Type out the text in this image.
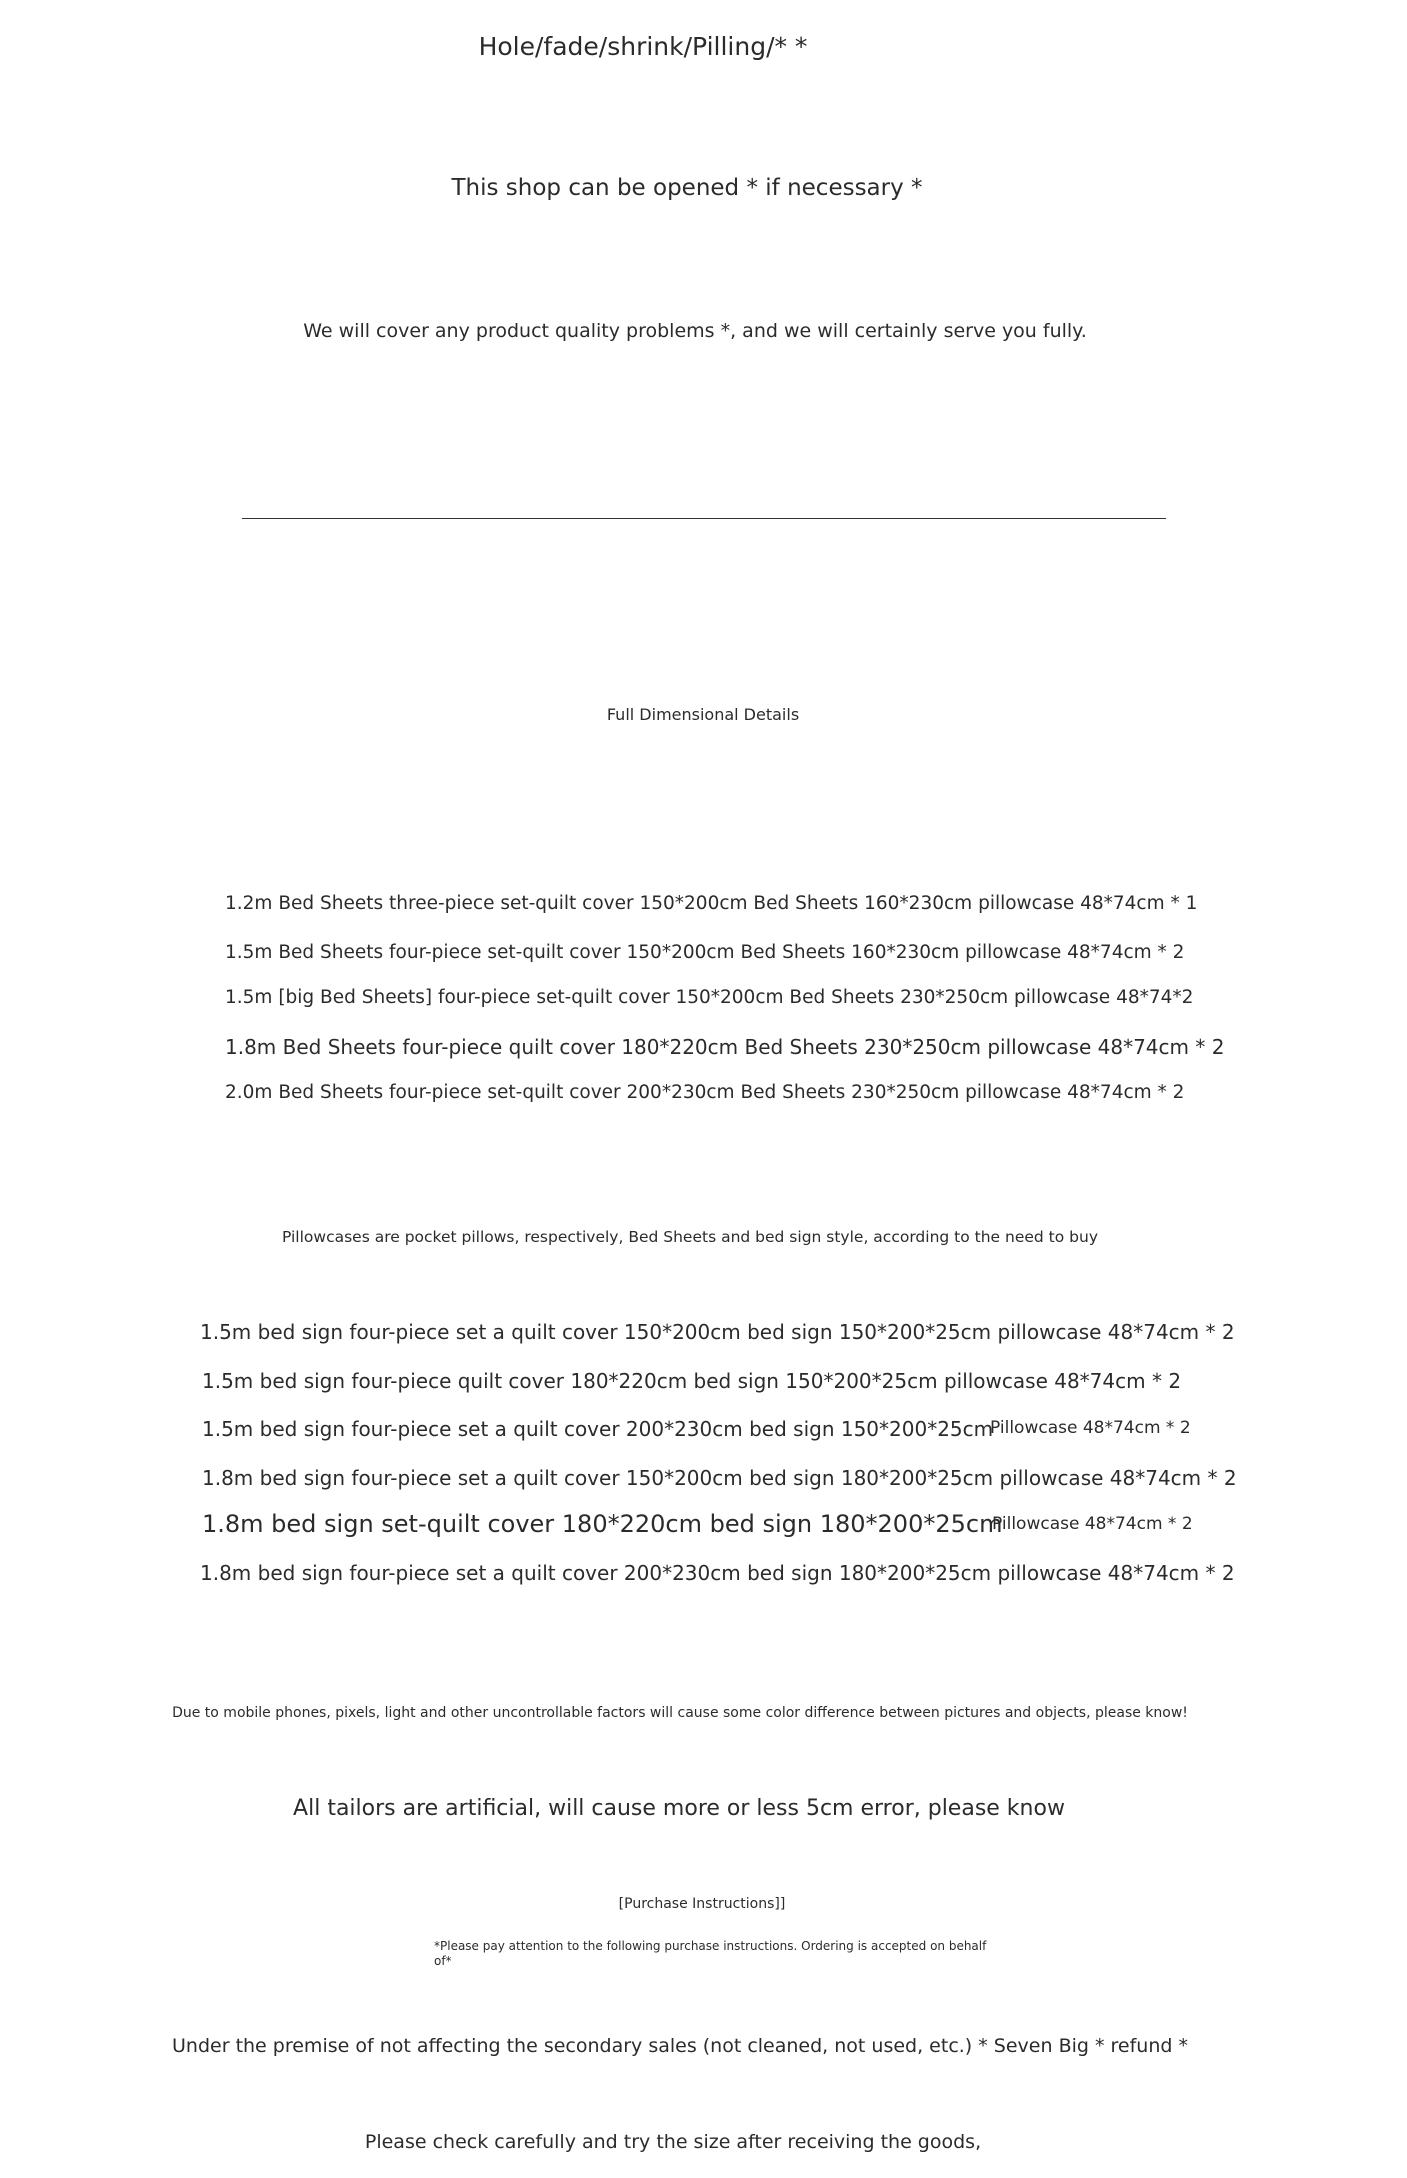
Hole/fade/shrink/Pilling/* *
This shop can be opened * if necessary *
We will cover any product quality problems *, and we will certainly serve you fully.
Full Dimensional Details
1.2m Bed Sheets three-piece set-quilt cover 150*200cm Bed Sheets 160*230cm pillowcase 48*74cm * 1
1.5m Bed Sheets four-piece set-quilt cover 150*200cm Bed Sheets 160*230cm pillowcase 48*74cm * 2
1.5m [big Bed Sheets] four-piece set-quilt cover 150*200cm Bed Sheets 230*250cm pillowcase 48*74*2
1.8m Bed Sheets four-piece quilt cover 180*220cm Bed Sheets 230*250cm pillowcase 48*74cm * 2
2.0m Bed Sheets four-piece set-quilt cover 200*230cm Bed Sheets 230*250cm pillowcase 48*74cm * 2
Pillowcases are pocket pillows, respectively, Bed Sheets and bed sign style, according to the need to buy
1.5m bed sign four-piece set a quilt cover 150*200cm bed sign 150*200*25cm pillowcase 48*74cm * 2
1.5m bed sign four-piece quilt cover 180*220cm bed sign 150*200*25cm pillowcase 48*74cm * 2
1.5m bed sign four-piece set a quilt cover 200*230cm bed sign 150*200*25cm
Pillowcase 48*74cm * 2
1.8m bed sign four-piece set a quilt cover 150*200cm bed sign 180*200*25cm pillowcase 48*74cm * 2
1.8m bed sign set-quilt cover 180*220cm bed sign 180*200*25cm
Pillowcase 48*74cm * 2
1.8m bed sign four-piece set a quilt cover 200*230cm bed sign 180*200*25cm pillowcase 48*74cm * 2
Due to mobile phones, pixels, light and other uncontrollable factors will cause some color difference between pictures and objects, please know!
All tailors are artificial, will cause more or less 5cm error, please know
[Purchase Instructions]]
*Please pay attention to the following purchase instructions. Ordering is accepted on behalf
of*
Under the premise of not affecting the secondary sales (not cleaned, not used, etc.) * Seven Big * refund *
Please check carefully and try the size after receiving the goods,
